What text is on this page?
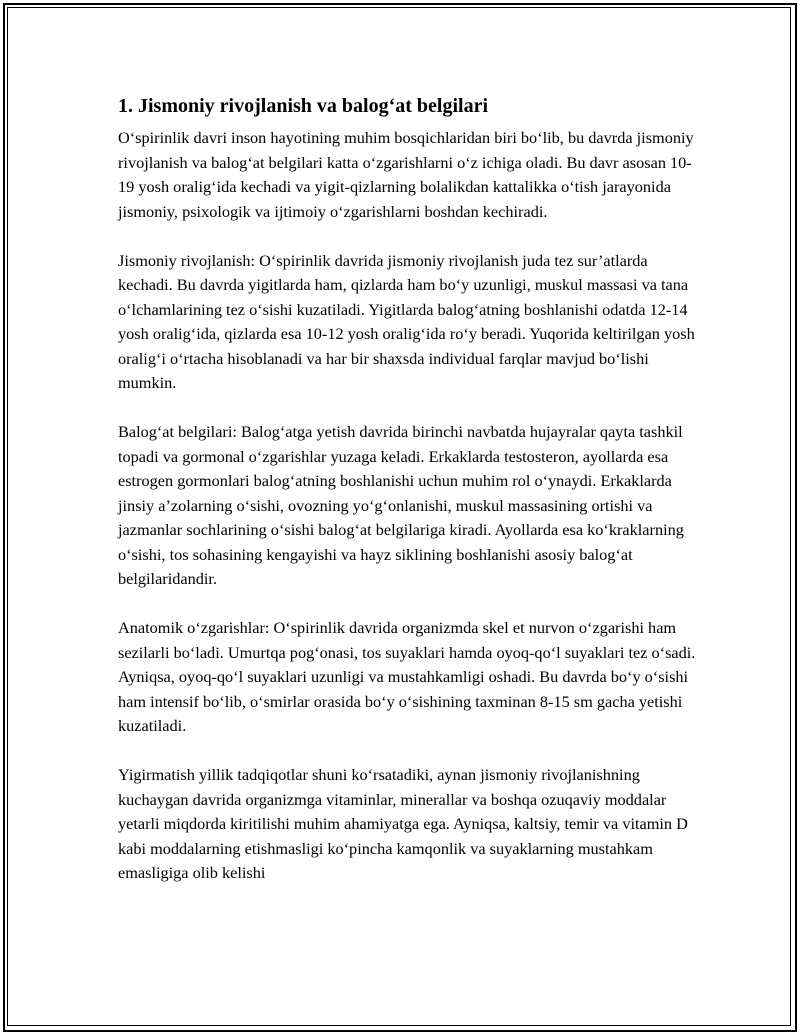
1. Jismoniy rivojlanish va balog‘at belgilari

O‘spirinlik davri inson hayotining muhim bosqichlaridan biri bo‘lib, bu davrda jismoniy rivojlanish va balog‘at belgilari katta o‘zgarishlarni o‘z ichiga oladi. Bu davr asosan 10-19 yosh oralig‘ida kechadi va yigit-qizlarning bolalikdan kattalikka o‘tish jarayonida jismoniy, psixologik va ijtimoiy o‘zgarishlarni boshdan kechiradi.

Jismoniy rivojlanish: O‘spirinlik davrida jismoniy rivojlanish juda tez sur’atlarda kechadi. Bu davrda yigitlarda ham, qizlarda ham bo‘y uzunligi, muskul massasi va tana o‘lchamlarining tez o‘sishi kuzatiladi. Yigitlarda balog‘atning boshlanishi odatda 12-14 yosh oralig‘ida, qizlarda esa 10-12 yosh oralig‘ida ro‘y beradi. Yuqorida keltirilgan yosh oralig‘i o‘rtacha hisoblanadi va har bir shaxsda individual farqlar mavjud bo‘lishi mumkin.

Balog‘at belgilari: Balog‘atga yetish davrida birinchi navbatda hujayralar qayta tashkil topadi va gormonal o‘zgarishlar yuzaga keladi. Erkaklarda testosteron, ayollarda esa estrogen gormonlari balog‘atning boshlanishi uchun muhim rol o‘ynaydi. Erkaklarda jinsiy a’zolarning o‘sishi, ovozning yo‘g‘onlanishi, muskul massasining ortishi va jazmanlar sochlarining o‘sishi balog‘at belgilariga kiradi. Ayollarda esa ko‘kraklarning o‘sishi, tos sohasining kengayishi va hayz siklining boshlanishi asosiy balog‘at belgilaridandir.

Anatomik o‘zgarishlar: O‘spirinlik davrida organizmda skel et nurvon o‘zgarishi ham sezilarli bo‘ladi. Umurtqa pog‘onasi, tos suyaklari hamda oyoq-qo‘l suyaklari tez o‘sadi. Ayniqsa, oyoq-qo‘l suyaklari uzunligi va mustahkamligi oshadi. Bu davrda bo‘y o‘sishi ham intensif bo‘lib, o‘smirlar orasida bo‘y o‘sishining taxminan 8-15 sm gacha yetishi kuzatiladi.

Yigirmatish yillik tadqiqotlar shuni ko‘rsatadiki, aynan jismoniy rivojlanishning kuchaygan davrida organizmga vitaminlar, minerallar va boshqa ozuqaviy moddalar yetarli miqdorda kiritilishi muhim ahamiyatga ega. Ayniqsa, kaltsiy, temir va vitamin D kabi moddalarning etishmasligi ko‘pincha kamqonlik va suyaklarning mustahkam emasligiga olib kelishi
